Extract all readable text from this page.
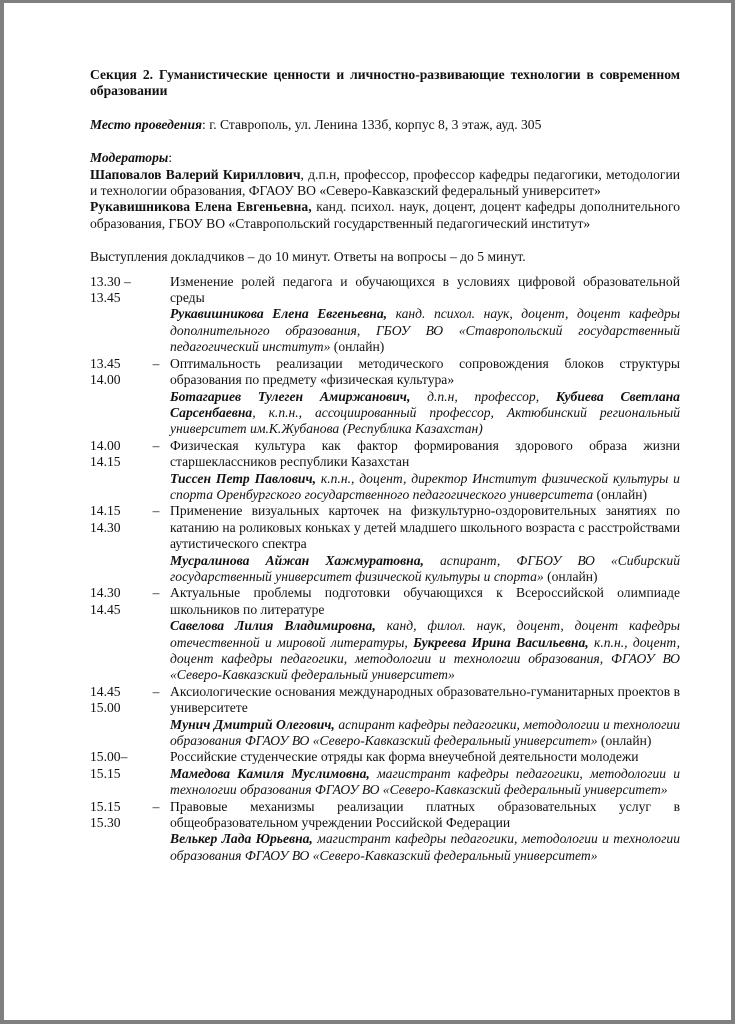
Секция 2. Гуманистические ценности и личностно-развивающие технологии в современном образовании
Место проведения: г. Ставрополь, ул. Ленина 133б, корпус 8, 3 этаж, ауд. 305
Модераторы:
Шаповалов Валерий Кириллович, д.п.н, профессор, профессор кафедры педагогики, методологии и технологии образования, ФГАОУ ВО «Северо-Кавказский федеральный университет»
Рукавишникова Елена Евгеньевна, канд. психол. наук, доцент, доцент кафедры дополнительного образования, ГБОУ ВО «Ставропольский государственный педагогический институт»
Выступления докладчиков – до 10 минут. Ответы на вопросы – до 5 минут.
13.30 –
13.45
Изменение ролей педагога и обучающихся в условиях цифровой образовательной среды
Рукавишникова Елена Евгеньевна, канд. психол. наук, доцент, доцент кафедры дополнительного образования, ГБОУ ВО «Ставропольский государственный педагогический институт» (онлайн)
13.45
14.00
– Оптимальность реализации методического сопровождения блоков структуры образования по предмету «физическая культура»
Ботагариев Тулеген Амиржанович, д.п.н, профессор, Кубиева Светлана Сарсенбаевна, к.п.н., ассоциированный профессор, Актюбинский региональный университет им.К.Жубанова (Республика Казахстан)
14.00
14.15
– Физическая культура как фактор формирования здорового образа жизни старшеклассников республики Казахстан
Тиссен Петр Павлович, к.п.н., доцент, директор Институт физической культуры и спорта Оренбургского государственного педагогического университета (онлайн)
14.15
14.30
– Применение визуальных карточек на физкультурно-оздоровительных занятиях по катанию на роликовых коньках у детей младшего школьного возраста с расстройствами аутистического спектра
Мусралинова Айжан Хажмуратовна, аспирант, ФГБОУ ВО «Сибирский государственный университет физической культуры и спорта» (онлайн)
14.30
14.45
– Актуальные проблемы подготовки обучающихся к Всероссийской олимпиаде школьников по литературе
Савелова Лилия Владимировна, канд, филол. наук, доцент, доцент кафедры отечественной и мировой литературы, Букреева Ирина Васильевна, к.п.н., доцент, доцент кафедры педагогики, методологии и технологии образования, ФГАОУ ВО «Северо-Кавказский федеральный университет»
14.45
15.00
– Аксиологические основания международных образовательно-гуманитарных проектов в университете
Мунич Дмитрий Олегович, аспирант кафедры педагогики, методологии и технологии образования ФГАОУ ВО «Северо-Кавказский федеральный университет» (онлайн)
15.00–
15.15
Российские студенческие отряды как форма внеучебной деятельности молодежи
Мамедова Камиля Муслимовна, магистрант кафедры педагогики, методологии и технологии образования ФГАОУ ВО «Северо-Кавказский федеральный университет»
15.15
15.30
– Правовые механизмы реализации платных образовательных услуг в общеобразовательном учреждении Российской Федерации
Велькер Лада Юрьевна, магистрант кафедры педагогики, методологии и технологии образования ФГАОУ ВО «Северо-Кавказский федеральный университет»
